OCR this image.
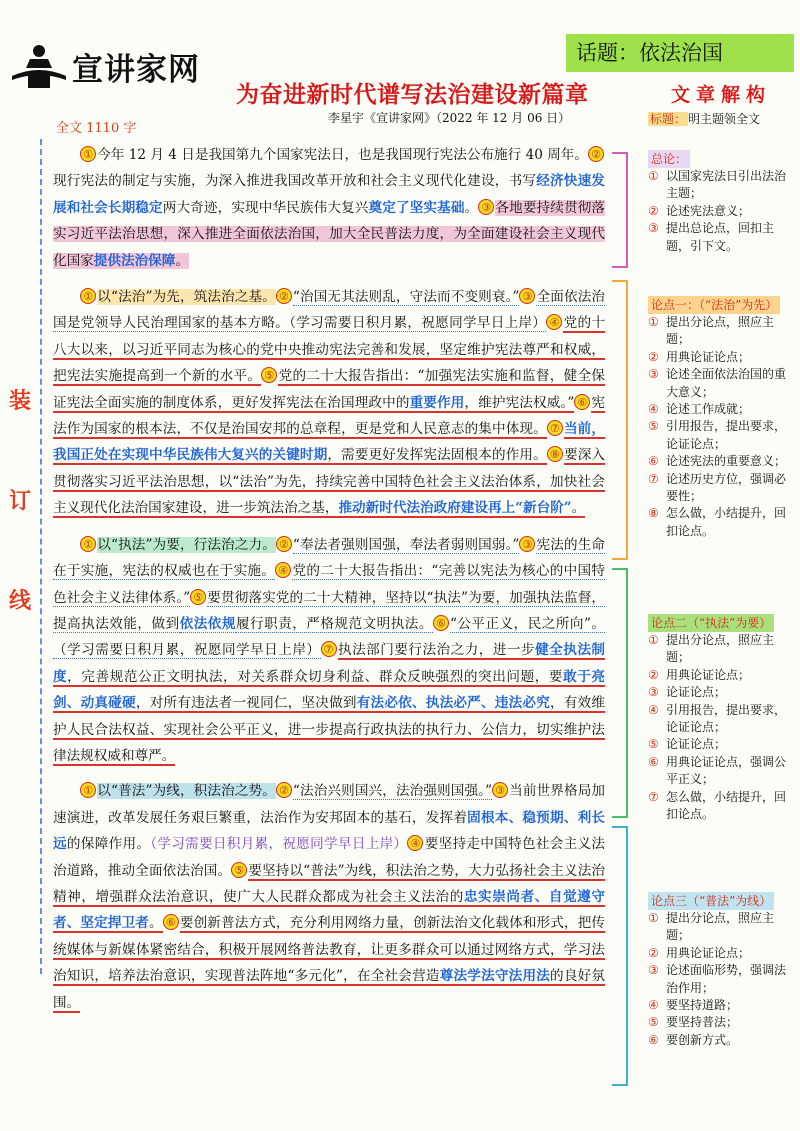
宣讲家网	话题：依法治国
为奋进新时代谱写法治建设新篇章
李星宇《宣讲家网》（2022 年 12 月 06 日）
全文 1110 字
装
订
线

① 今年 12 月 4 日是我国第九个国家宪法日，也是我国现行宪法公布施行 40 周年。 ②现行宪法的制定与实施，为深入推进我国改革开放和社会主义现代化建设，书写经济快速发展和社会长期稳定两大奇迹，实现中华民族伟大复兴奠定了坚实基础。 ③ 各地要持续贯彻落实习近平法治思想，深入推进全面依法治国，加大全民普法力度，为全面建设社会主义现代化国家提供法治保障。

① 以“法治”为先，筑法治之基。 ② “治国无其法则乱，守法而不变则衰。” ③ 全面依法治国是党领导人民治理国家的基本方略。（学习需要日积月累，祝愿同学早日上岸） ④ 党的十八大以来，以习近平同志为核心的党中央推动宪法完善和发展，坚定维护宪法尊严和权威，把宪法实施提高到一个新的水平。 ⑤ 党的二十大报告指出：“加强宪法实施和监督，健全保证宪法全面实施的制度体系，更好发挥宪法在治国理政中的重要作用，维护宪法权威。” ⑥ 宪法作为国家的根本法，不仅是治国安邦的总章程，更是党和人民意志的集中体现。 ⑦ 当前，我国正处在实现中华民族伟大复兴的关键时期，需要更好发挥宪法固根本的作用。 ⑧ 要深入贯彻落实习近平法治思想，以“法治”为先，持续完善中国特色社会主义法治体系，加快社会主义现代化法治国家建设，进一步筑法治之基，推动新时代法治政府建设再上“新台阶”。

① 以“执法”为要，行法治之力。 ② “奉法者强则国强，奉法者弱则国弱。” ③ 宪法的生命在于实施，宪法的权威也在于实施。 ④ 党的二十大报告指出：“完善以宪法为核心的中国特色社会主义法律体系。” ⑤ 要贯彻落实党的二十大精神，坚持以“执法”为要，加强执法监督，提高执法效能，做到依法依规履行职责，严格规范文明执法。 ⑥ “公平正义，民之所向”。（学习需要日积月累，祝愿同学早日上岸） ⑦ 执法部门要行法治之力，进一步健全执法制度，完善规范公正文明执法，对关系群众切身利益、群众反映强烈的突出问题，要敢于亮剑、动真碰硬，对所有违法者一视同仁，坚决做到有法必依、执法必严、违法必究，有效维护人民合法权益、实现社会公平正义，进一步提高行政执法的执行力、公信力，切实维护法律法规权威和尊严。

① 以“普法”为线，积法治之势。 ② “法治兴则国兴，法治强则国强。” ③ 当前世界格局加速演进，改革发展任务艰巨繁重，法治作为安邦固本的基石，发挥着固根本、稳预期、利长远的保障作用。（学习需要日积月累，祝愿同学早日上岸） ④ 要坚持走中国特色社会主义法治道路，推动全面依法治国。 ⑤ 要坚持以“普法”为线，积法治之势，大力弘扬社会主义法治精神，增强群众法治意识，使广大人民群众都成为社会主义法治的忠实崇尚者、自觉遵守者、坚定捍卫者。 ⑥ 要创新普法方式，充分利用网络力量，创新法治文化载体和形式，把传统媒体与新媒体紧密结合，积极开展网络普法教育，让更多群众可以通过网络方式，学习法治知识，培养法治意识，实现普法阵地“多元化”，在全社会营造尊法学法守法用法的良好氛围。

文章解构
标题： 明主题领全文
总论：
① 以国家宪法日引出法治主题；
② 论述宪法意义；
③ 提出总论点，回扣主题，引下文。
论点一：（“法治”为先）
① 提出分论点，照应主题；
② 用典论证论点；
③ 论述全面依法治国的重大意义；
④ 论述工作成就；
⑤ 引用报告，提出要求，论证论点；
⑥ 论述宪法的重要意义；
⑦ 论述历史方位，强调必要性；
⑧ 怎么做，小结提升，回扣论点。
论点二（“执法”为要）
① 提出分论点，照应主题；
② 用典论证论点；
③ 论证论点；
④ 引用报告，提出要求，论证论点；
⑤ 论证论点；
⑥ 用典论证论点，强调公平正义；
⑦ 怎么做，小结提升，回扣论点。
论点三（“普法”为线）
① 提出分论点，照应主题；
② 用典论证论点；
③ 论述面临形势，强调法治作用；
④ 要坚持道路；
⑤ 要坚持普法；
⑥ 要创新方式。
